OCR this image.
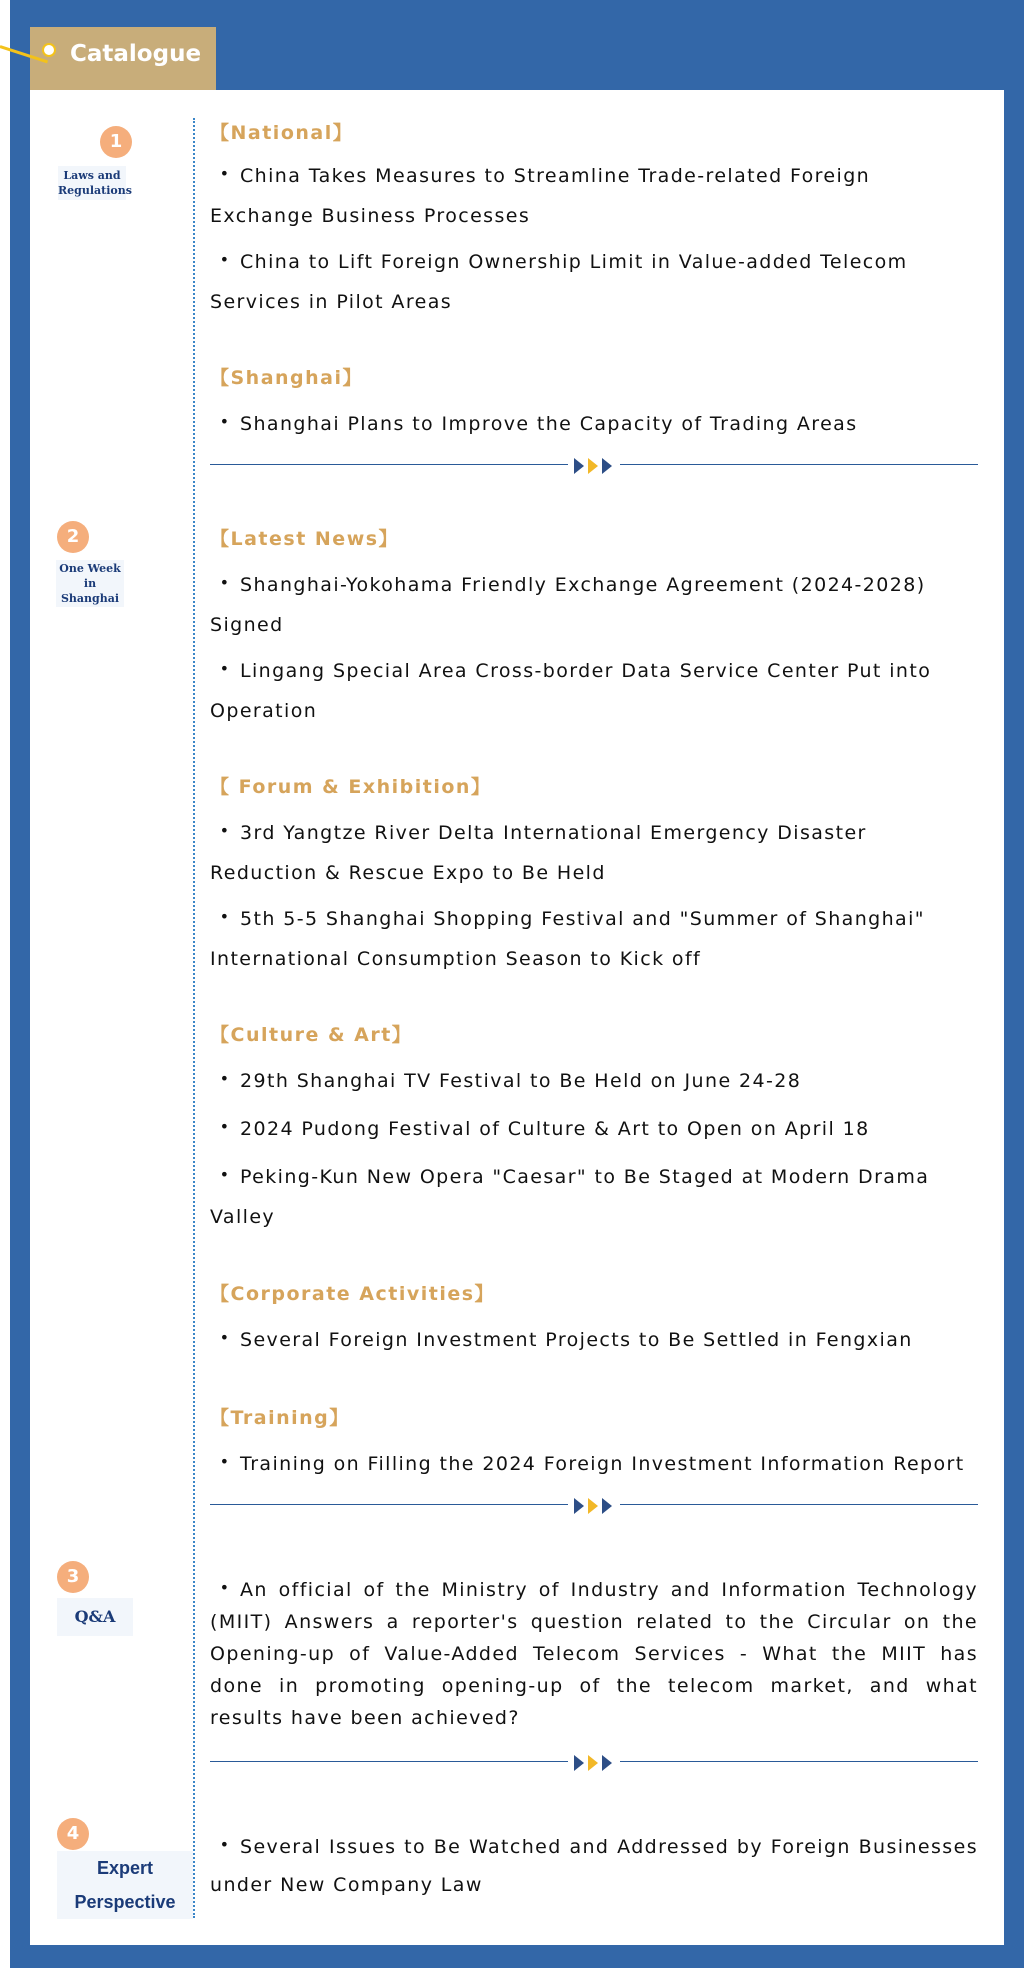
Catalogue
1
Laws and
Regulations
【National】
• China Takes Measures to Streamline Trade-related Foreign Exchange Business Processes
• China to Lift Foreign Ownership Limit in Value-added Telecom Services in Pilot Areas
【Shanghai】
• Shanghai Plans to Improve the Capacity of Trading Areas
2
One Week
in Shanghai
【Latest News】
• Shanghai-Yokohama Friendly Exchange Agreement (2024-2028) Signed
• Lingang Special Area Cross-border Data Service Center Put into Operation
【 Forum & Exhibition】
• 3rd Yangtze River Delta International Emergency Disaster Reduction & Rescue Expo to Be Held
• 5th 5-5 Shanghai Shopping Festival and "Summer of Shanghai" International Consumption Season to Kick off
【Culture & Art】
• 29th Shanghai TV Festival to Be Held on June 24-28
• 2024 Pudong Festival of Culture & Art to Open on April 18
• Peking-Kun New Opera "Caesar" to Be Staged at Modern Drama Valley
【Corporate Activities】
• Several Foreign Investment Projects to Be Settled in Fengxian
【Training】
• Training on Filling the 2024 Foreign Investment Information Report
3
Q&A
• An official of the Ministry of Industry and Information Technology (MIIT) Answers a reporter's question related to the Circular on the Opening-up of Value-Added Telecom Services - What the MIIT has done in promoting opening-up of the telecom market, and what results have been achieved?
4
Expert
Perspective
• Several Issues to Be Watched and Addressed by Foreign Businesses under New Company Law
